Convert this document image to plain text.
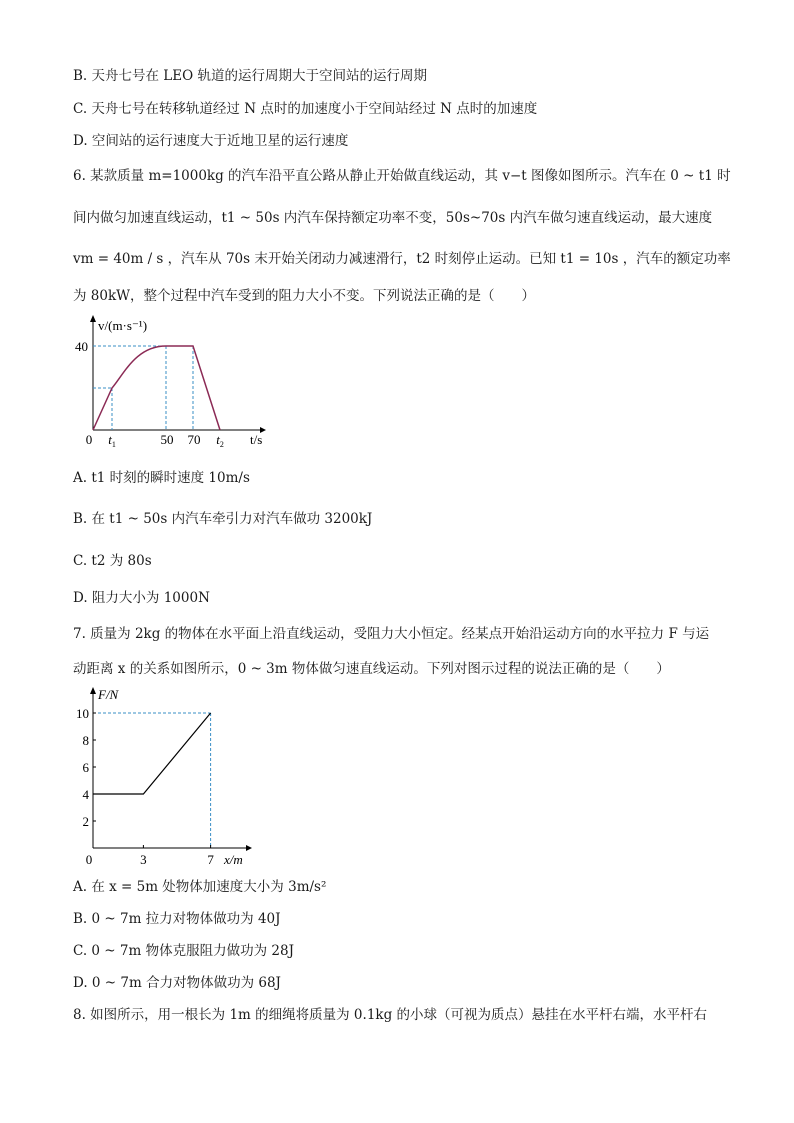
B. 天舟七号在 LEO 轨道的运行周期大于空间站的运行周期
C. 天舟七号在转移轨道经过 N 点时的加速度小于空间站经过 N 点时的加速度
D. 空间站的运行速度大于近地卫星的运行速度
6. 某款质量 m=1000kg 的汽车沿平直公路从静止开始做直线运动，其 v−t 图像如图所示。汽车在 0 ~ t1 时
间内做匀加速直线运动，t1 ~ 50s 内汽车保持额定功率不变，50s~70s 内汽车做匀速直线运动，最大速度
vm = 40m / s ，汽车从 70s 末开始关闭动力减速滑行，t2 时刻停止运动。已知 t1 = 10s ，汽车的额定功率
为 80kW，整个过程中汽车受到的阻力大小不变。下列说法正确的是（　　）
0 $t_1$	50 70 $t_2$ t/s
40
v/(m·s⁻¹)
A. t1 时刻的瞬时速度 10m/s
B. 在 t1 ~ 50s 内汽车牵引力对汽车做功 3200kJ
C. t2 为 80s
D. 阻力大小为 1000N
7. 质量为 2kg 的物体在水平面上沿直线运动，受阻力大小恒定。经某点开始沿运动方向的水平拉力 F 与运
动距离 x 的关系如图所示，0 ~ 3m 物体做匀速直线运动。下列对图示过程的说法正确的是（　　）
2
4
6
8
10
0	3	7 x/m
F/N
A. 在 x = 5m 处物体加速度大小为 3m/s²
B. 0 ~ 7m 拉力对物体做功为 40J
C. 0 ~ 7m 物体克服阻力做功为 28J
D. 0 ~ 7m 合力对物体做功为 68J
8. 如图所示，用一根长为 1m 的细绳将质量为 0.1kg 的小球（可视为质点）悬挂在水平杆右端，水平杆右
